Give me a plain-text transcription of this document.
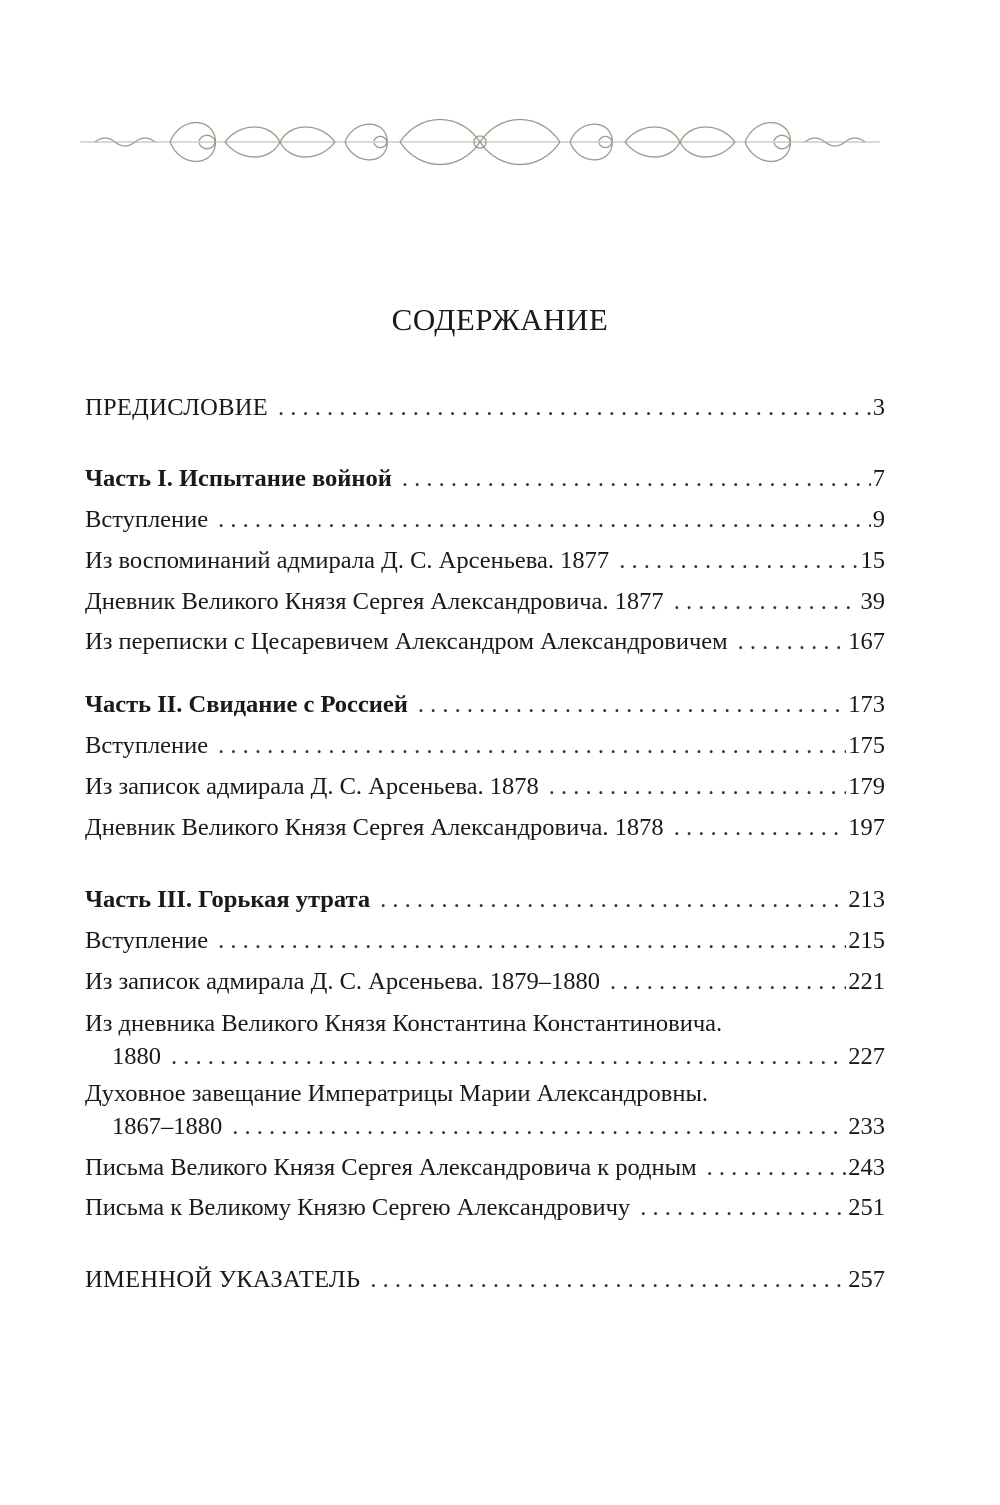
СОДЕРЖАНИЕ
ПРЕДИСЛОВИЕ . . .	3
Часть I. Испытание войной . . .	7
Вступление . . .	9
Из воспоминаний адмирала Д. С. Арсеньева. 1877 . . .	15
Дневник Великого Князя Сергея Александровича. 1877 . . .	39
Из переписки с Цесаревичем Александром Александровичем . . .	167
Часть II. Свидание с Россией . . .	173
Вступление . . .	175
Из записок адмирала Д. С. Арсеньева. 1878 . . .	179
Дневник Великого Князя Сергея Александровича. 1878 . . .	197
Часть III. Горькая утрата . . .	213
Вступление . . .	215
Из записок адмирала Д. С. Арсеньева. 1879–1880 . . .	221
Из дневника Великого Князя Константина Константиновича.
1880 . . .	227
Духовное завещание Императрицы Марии Александровны.
1867–1880 . . .	233
Письма Великого Князя Сергея Александровича к родным . . .	243
Письма к Великому Князю Сергею Александровичу . . .	251
ИМЕННОЙ УКАЗАТЕЛЬ . . .	257
